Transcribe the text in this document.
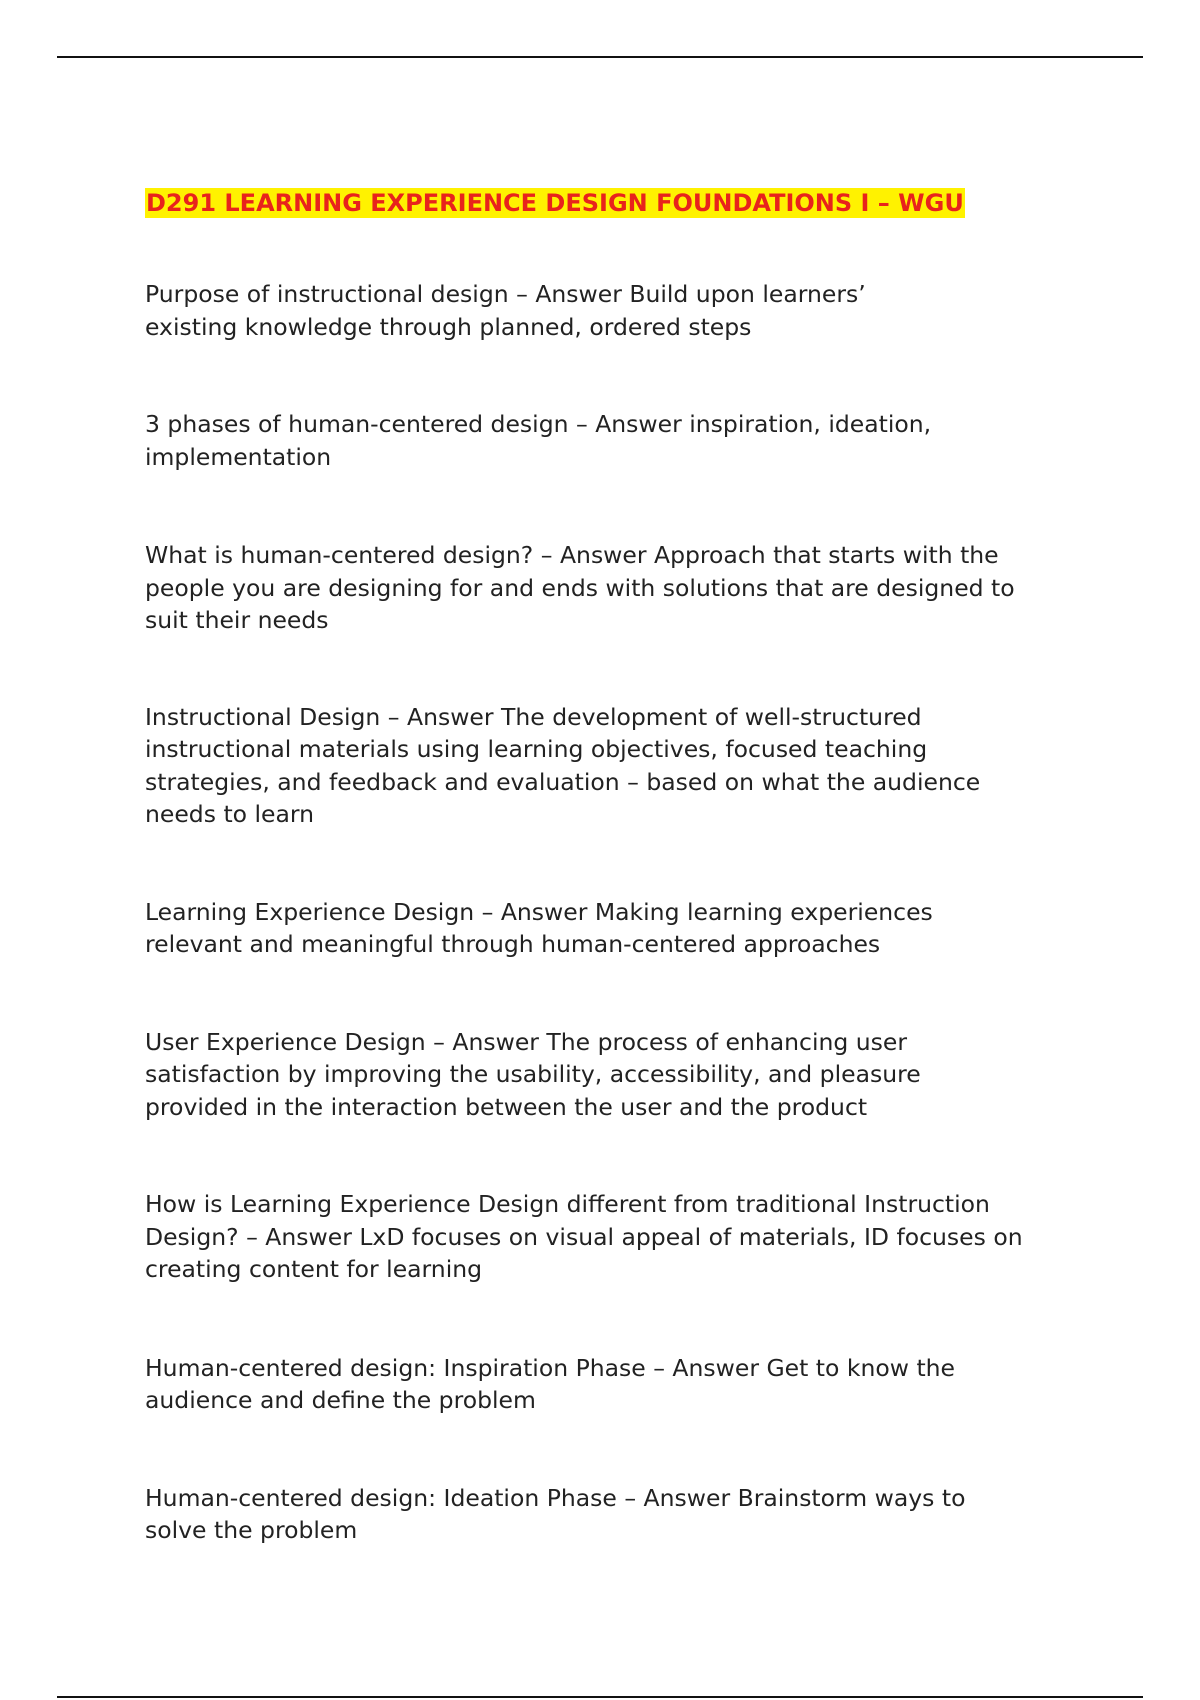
D291 LEARNING EXPERIENCE DESIGN FOUNDATIONS I – WGU
Purpose of instructional design – Answer Build upon learners’ existing knowledge through planned, ordered steps
3 phases of human-centered design – Answer inspiration, ideation, implementation
What is human-centered design? – Answer Approach that starts with the people you are designing for and ends with solutions that are designed to suit their needs
Instructional Design – Answer The development of well-structured instructional materials using learning objectives, focused teaching strategies, and feedback and evaluation – based on what the audience needs to learn
Learning Experience Design – Answer Making learning experiences relevant and meaningful through human-centered approaches
User Experience Design – Answer The process of enhancing user satisfaction by improving the usability, accessibility, and pleasure provided in the interaction between the user and the product
How is Learning Experience Design different from traditional Instruction Design? – Answer LxD focuses on visual appeal of materials, ID focuses on creating content for learning
Human-centered design: Inspiration Phase – Answer Get to know the audience and define the problem
Human-centered design: Ideation Phase – Answer Brainstorm ways to solve the problem
